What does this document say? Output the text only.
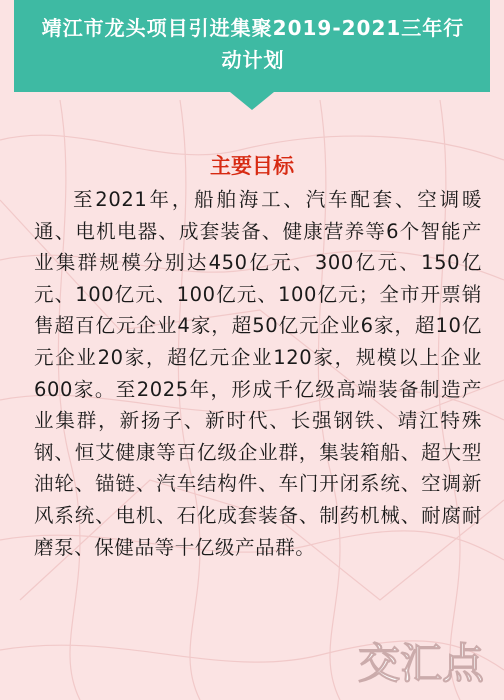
靖江市龙头项目引进集聚2019-2021三年行动计划
主要目标
至2021年，船舶海工、汽车配套、空调暖通、电机电器、成套装备、健康营养等6个智能产业集群规模分别达450亿元、300亿元、150亿元、100亿元、100亿元、100亿元；全市开票销售超百亿元企业4家，超50亿元企业6家，超10亿元企业20家，超亿元企业120家，规模以上企业600家。至2025年，形成千亿级高端装备制造产业集群，新扬子、新时代、长强钢铁、靖江特殊钢、恒艾健康等百亿级企业群，集装箱船、超大型油轮、锚链、汽车结构件、车门开闭系统、空调新风系统、电机、石化成套装备、制药机械、耐腐耐磨泵、保健品等十亿级产品群。
交汇点
